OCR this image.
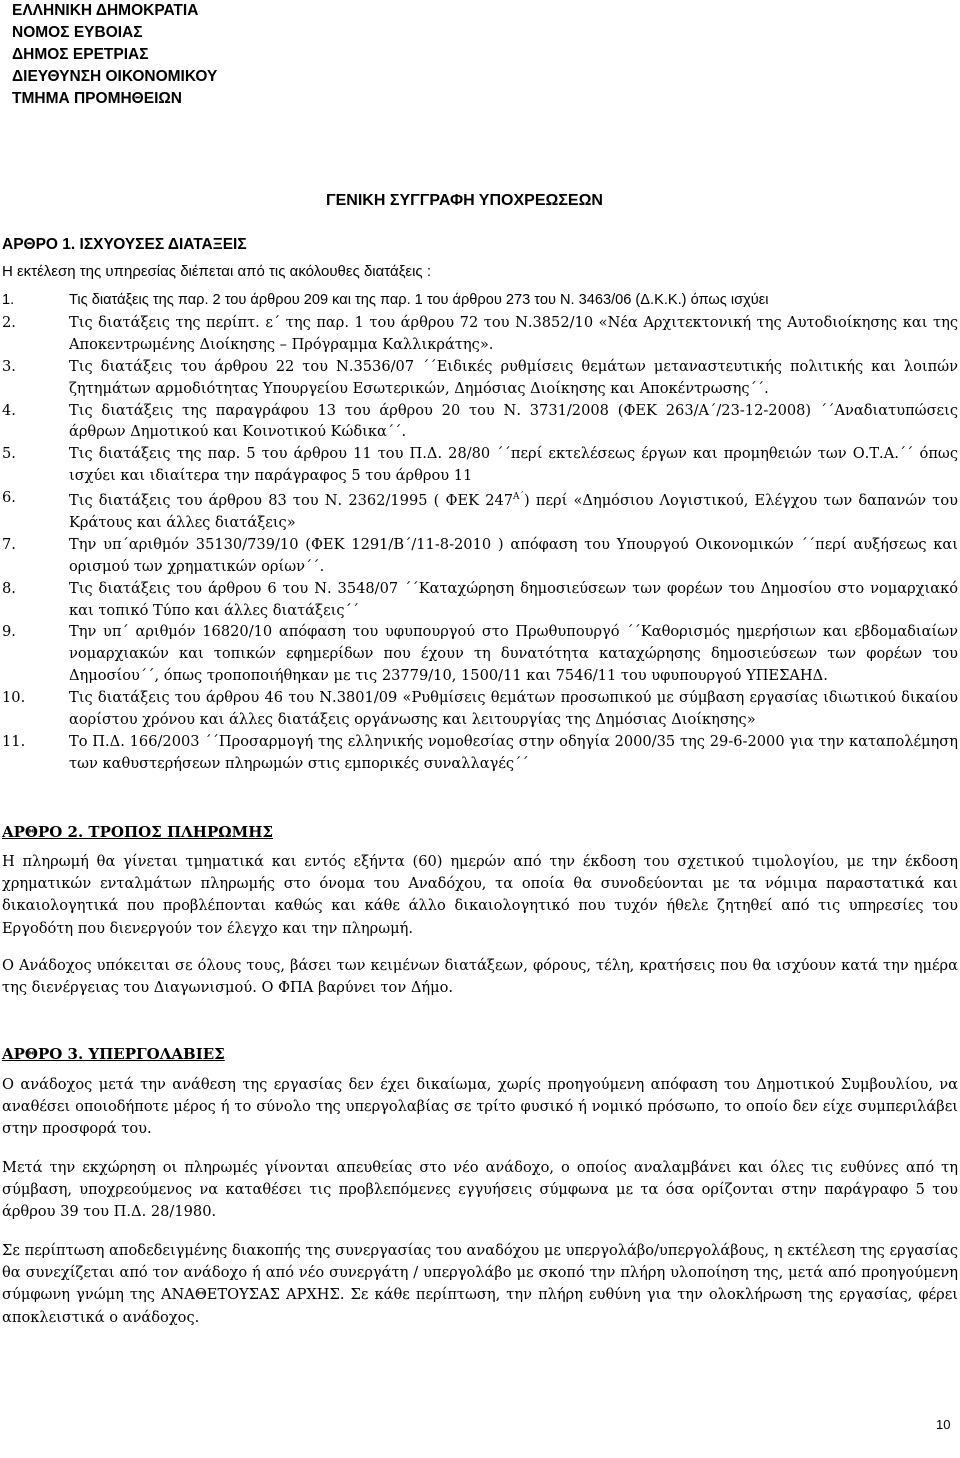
ΕΛΛΗΝΙΚΗ ΔΗΜΟΚΡΑΤΙΑ
ΝΟΜΟΣ ΕΥΒΟΙΑΣ
ΔΗΜΟΣ ΕΡΕΤΡΙΑΣ
ΔΙΕΥΘΥΝΣΗ ΟΙΚΟΝΟΜΙΚΟΥ
ΤΜΗΜΑ ΠΡΟΜΗΘΕΙΩΝ
ΓΕΝΙΚΗ ΣΥΓΓΡΑΦΗ ΥΠΟΧΡΕΩΣΕΩΝ
ΑΡΘΡΟ 1. ΙΣΧΥΟΥΣΕΣ ΔΙΑΤΑΞΕΙΣ
Η εκτέλεση της υπηρεσίας διέπεται από τις ακόλουθες διατάξεις :
1.	Τις διατάξεις της παρ. 2 του άρθρου 209 και της παρ. 1 του άρθρου 273 του Ν. 3463/06 (Δ.Κ.Κ.) όπως ισχύει
2.	Τις διατάξεις της περίπτ. ε΄ της παρ. 1 του άρθρου 72 του Ν.3852/10 «Νέα Αρχιτεκτονική της Αυτοδιοίκησης και της Αποκεντρωμένης Διοίκησης – Πρόγραμμα Καλλικράτης».
3.	Τις διατάξεις του άρθρου 22 του Ν.3536/07 ΄΄Ειδικές ρυθμίσεις θεμάτων μεταναστευτικής πολιτικής και λοιπών ζητημάτων αρμοδιότητας Υπουργείου Εσωτερικών, Δημόσιας Διοίκησης και Αποκέντρωσης΄΄.
4.	Τις διατάξεις της παραγράφου 13 του άρθρου 20 του Ν. 3731/2008 (ΦΕΚ 263/Α΄/23-12-2008) ΄΄Αναδιατυπώσεις άρθρων Δημοτικού και Κοινοτικού Κώδικα΄΄.
5.	Τις διατάξεις της παρ. 5 του άρθρου 11 του Π.Δ. 28/80 ΄΄περί εκτελέσεως έργων και προμηθειών των Ο.Τ.Α.΄΄ όπως ισχύει και ιδιαίτερα την παράγραφος 5 του άρθρου 11
6.	Τις διατάξεις του άρθρου 83 του Ν. 2362/1995 ( ΦΕΚ $247^{A΄}$) περί «Δημόσιου Λογιστικού, Ελέγχου των δαπανών του Κράτους και άλλες διατάξεις»
7.	Την υπ΄αριθμόν 35130/739/10 (ΦΕΚ 1291/Β΄/11-8-2010 ) απόφαση του Υπουργού Οικονομικών ΄΄περί αυξήσεως και ορισμού των χρηματικών ορίων΄΄.
8.	Τις διατάξεις του άρθρου 6 του Ν. 3548/07 ΄΄Καταχώρηση δημοσιεύσεων των φορέων του Δημοσίου στο νομαρχιακό και τοπικό Τύπο και άλλες διατάξεις΄΄
9.	Την υπ΄ αριθμόν 16820/10 απόφαση του υφυπουργού στο Πρωθυπουργό ΄΄Καθορισμός ημερήσιων και εβδομαδιαίων νομαρχιακών και τοπικών εφημερίδων που έχουν τη δυνατότητα καταχώρησης δημοσιεύσεων των φορέων του Δημοσίου΄΄, όπως τροποποιήθηκαν με τις 23779/10, 1500/11 και 7546/11 του υφυπουργού ΥΠΕΣΑΗΔ.
10.	Τις διατάξεις του άρθρου 46 του Ν.3801/09 «Ρυθμίσεις θεμάτων προσωπικού με σύμβαση εργασίας ιδιωτικού δικαίου αορίστου χρόνου και άλλες διατάξεις οργάνωσης και λειτουργίας της Δημόσιας Διοίκησης»
11.	Το Π.Δ. 166/2003 ΄΄Προσαρμογή της ελληνικής νομοθεσίας στην οδηγία 2000/35 της 29-6-2000 για την καταπολέμηση των καθυστερήσεων πληρωμών στις εμπορικές συναλλαγές΄΄
ΑΡΘΡΟ 2. ΤΡΟΠΟΣ ΠΛΗΡΩΜΗΣ

Η πληρωμή θα γίνεται τμηματικά και εντός εξήντα (60) ημερών από την έκδοση του σχετικού τιμολογίου, με την έκδοση χρηματικών ενταλμάτων πληρωμής στο όνομα του Αναδόχου, τα οποία θα συνοδεύονται με τα νόμιμα παραστατικά και δικαιολογητικά που προβλέπονται καθώς και κάθε άλλο δικαιολογητικό που τυχόν ήθελε ζητηθεί από τις υπηρεσίες του Εργοδότη που διενεργούν τον έλεγχο και την πληρωμή.

Ο Ανάδοχος υπόκειται σε όλους τους, βάσει των κειμένων διατάξεων, φόρους, τέλη, κρατήσεις που θα ισχύουν κατά την ημέρα της διενέργειας του Διαγωνισμού. Ο ΦΠΑ βαρύνει τον Δήμο.

ΑΡΘΡΟ 3. ΥΠΕΡΓΟΛΑΒΙΕΣ

Ο ανάδοχος μετά την ανάθεση της εργασίας δεν έχει δικαίωμα, χωρίς προηγούμενη απόφαση του Δημοτικού Συμβουλίου, να αναθέσει οποιοδήποτε μέρος ή το σύνολο της υπεργολαβίας σε τρίτο φυσικό ή νομικό πρόσωπο, το οποίο δεν είχε συμπεριλάβει στην προσφορά του.

Μετά την εκχώρηση οι πληρωμές γίνονται απευθείας στο νέο ανάδοχο, ο οποίος αναλαμβάνει και όλες τις ευθύνες από τη σύμβαση, υποχρεούμενος να καταθέσει τις προβλεπόμενες εγγυήσεις σύμφωνα με τα όσα ορίζονται στην παράγραφο 5 του άρθρου 39 του Π.Δ. 28/1980.

Σε περίπτωση αποδεδειγμένης διακοπής της συνεργασίας του αναδόχου με υπεργολάβο/υπεργολάβους, η εκτέλεση της εργασίας θα συνεχίζεται από τον ανάδοχο ή από νέο συνεργάτη / υπεργολάβο με σκοπό την πλήρη υλοποίηση της, μετά από προηγούμενη σύμφωνη γνώμη της ΑΝΑΘΕΤΟΥΣΑΣ ΑΡΧΗΣ. Σε κάθε περίπτωση, την πλήρη ευθύνη για την ολοκλήρωση της εργασίας, φέρει αποκλειστικά ο ανάδοχος.

10
